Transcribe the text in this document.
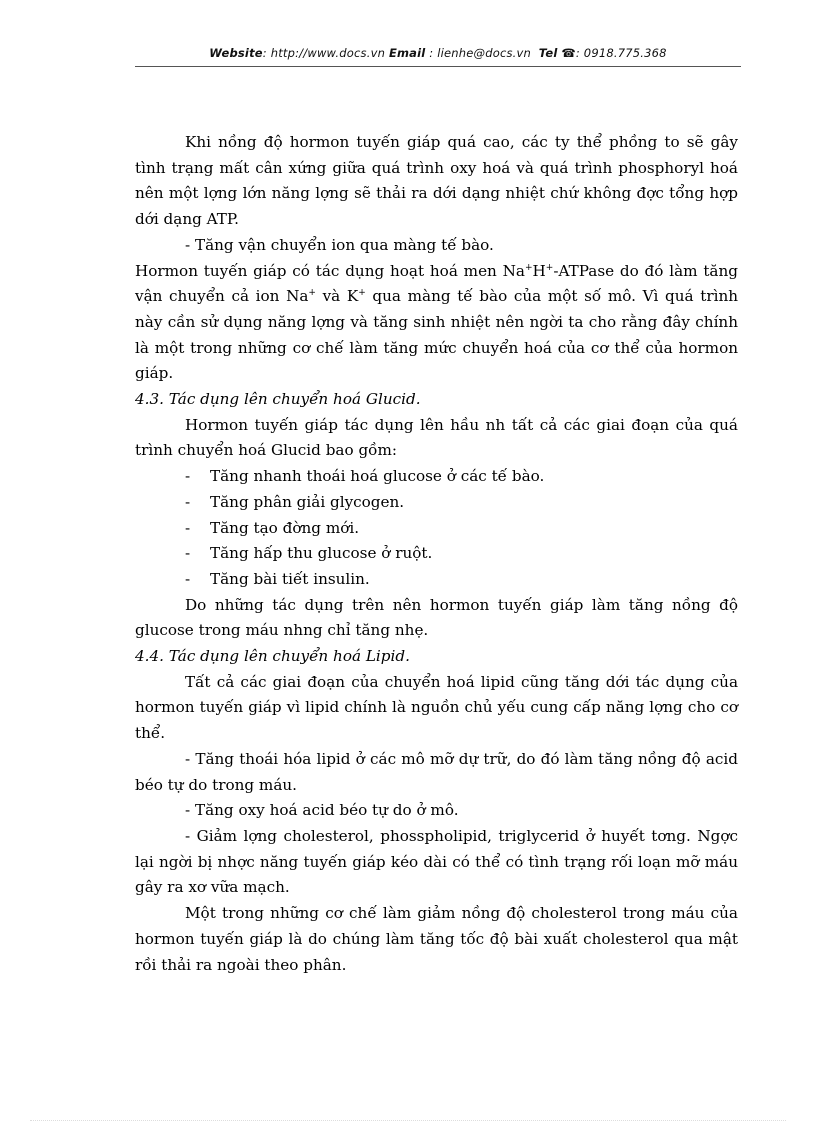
Website: http://www.docs.vn Email : lienhe@docs.vn Tel ☎: 0918.775.368

Khi nồng độ hormon tuyến giáp quá cao, các ty thể phồng to sẽ gây tình trạng mất cân xứng giữa quá trình oxy hoá và quá trình phosphoryl hoá nên một lợng lớn năng lợng sẽ thải ra dới dạng nhiệt chứ không đợc tổng hợp dới dạng ATP.

- Tăng vận chuyển ion qua màng tế bào.

Hormon tuyến giáp có tác dụng hoạt hoá men Na+H+-ATPase do đó làm tăng vận chuyển cả ion Na+ và K+ qua màng tế bào của một số mô. Vì quá trình này cần sử dụng năng lợng và tăng sinh nhiệt nên ngời ta cho rằng đây chính là một trong những cơ chế làm tăng mức chuyển hoá của cơ thể của hormon giáp.

4.3. Tác dụng lên chuyển hoá Glucid.

Hormon tuyến giáp tác dụng lên hầu nh tất cả các giai đoạn của quá trình chuyển hoá Glucid bao gồm:

- Tăng nhanh thoái hoá glucose ở các tế bào.

- Tăng phân giải glycogen.

- Tăng tạo đờng mới.

- Tăng hấp thu glucose ở ruột.

- Tăng bài tiết insulin.

Do những tác dụng trên nên hormon tuyến giáp làm tăng nồng độ glucose trong máu nhng chỉ tăng nhẹ.

4.4. Tác dụng lên chuyển hoá Lipid.

Tất cả các giai đoạn của chuyển hoá lipid cũng tăng dới tác dụng của hormon tuyến giáp vì lipid chính là nguồn chủ yếu cung cấp năng lợng cho cơ thể.

- Tăng thoái hóa lipid ở các mô mỡ dự trữ, do đó làm tăng nồng độ acid béo tự do trong máu.

- Tăng oxy hoá acid béo tự do ở mô.

- Giảm lợng cholesterol, phosspholipid, triglycerid ở huyết tơng. Ngợc lại ngời bị nhợc năng tuyến giáp kéo dài có thể có tình trạng rối loạn mỡ máu gây ra xơ vữa mạch.

Một trong những cơ chế làm giảm nồng độ cholesterol trong máu của hormon tuyến giáp là do chúng làm tăng tốc độ bài xuất cholesterol qua mật rồi thải ra ngoài theo phân.
